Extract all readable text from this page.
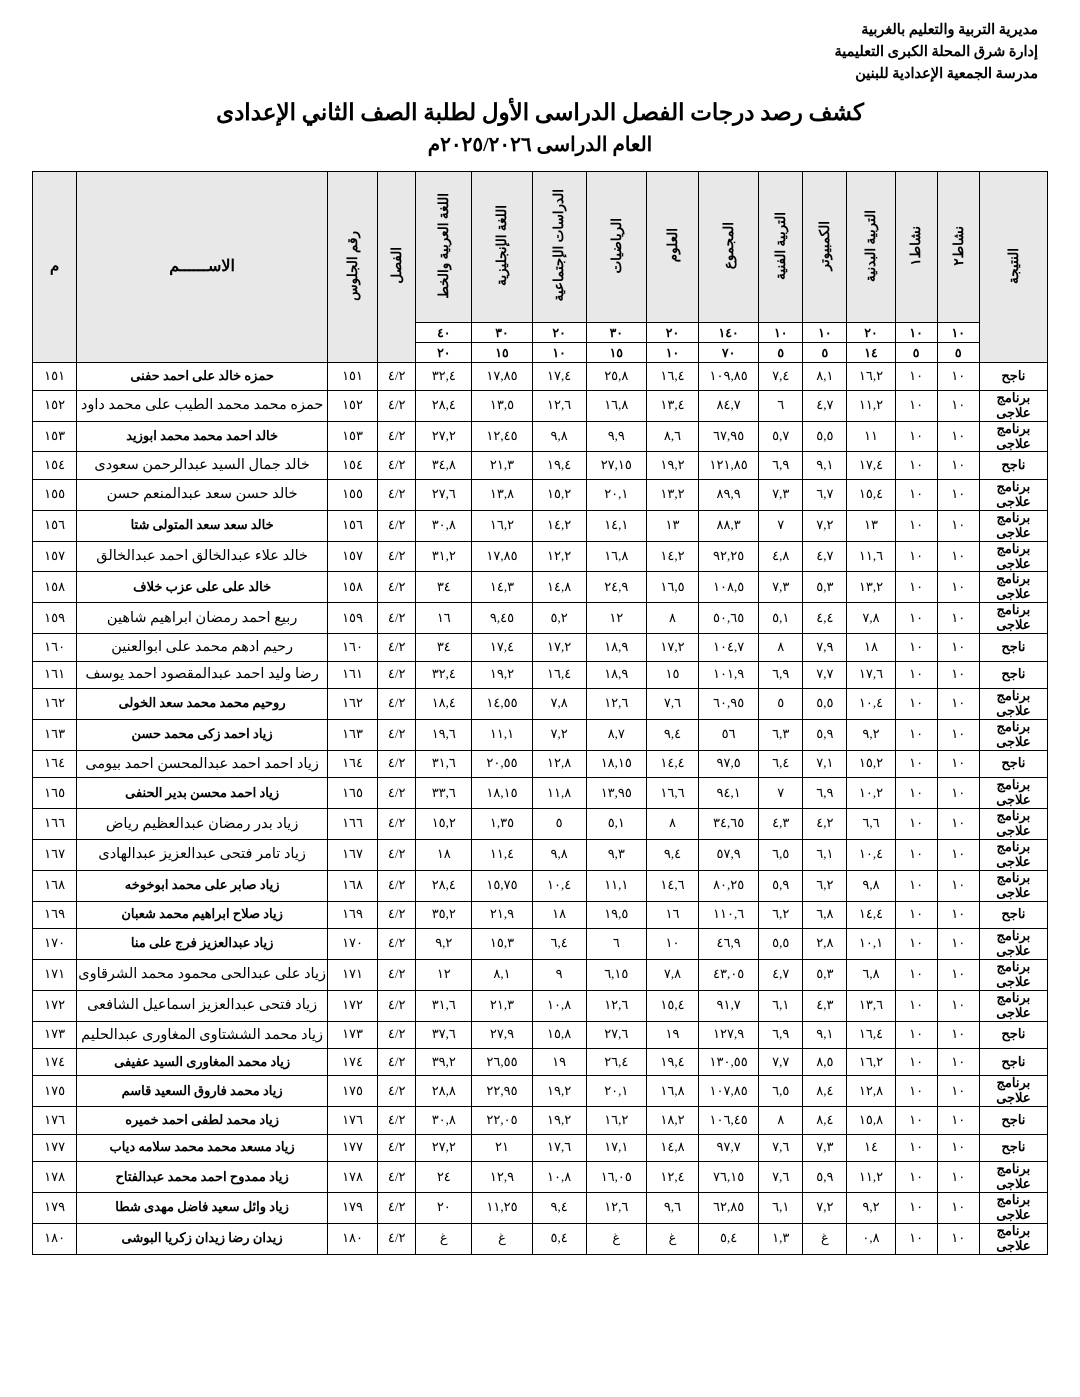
مديرية التربية والتعليم بالغربية
إدارة شرق المحلة الكبرى التعليمية
مدرسة الجمعية الإعدادية للبنين
كشف رصد درجات الفصل الدراسى الأول لطلبة الصف الثاني الإعدادى
العام الدراسى ٢٠٢٥/٢٠٢٦م
النتيجة	نشاط٢	نشاط١	التربية البدنية	الكمبيوتر	التربية الفنية	المجموع	العلوم	الرياضيات	الدراسات الإجتماعية	اللغة الإنجليزية	اللغة العربية والخط	الفصل	رقم الجلوس	الاســــــم	م
	١٠	١٠	٢٠	١٠	١٠	١٤٠	٢٠	٣٠	٢٠	٣٠	٤٠				
	٥	٥	١٤	٥	٥	٧٠	١٠	١٥	١٠	١٥	٢٠				
ناجح	١٠	١٠	١٦,٢	٨,١	٧,٤	١٠٩,٨٥	١٦,٤	٢٥,٨	١٧,٤	١٧,٨٥	٣٢,٤	٤/٢	١٥١	حمزه خالد على احمد حفنى	١٥١
برنامج علاجى	١٠	١٠	١١,٢	٤,٧	٦	٨٤,٧	١٣,٤	١٦,٨	١٢,٦	١٣,٥	٢٨,٤	٤/٢	١٥٢	حمزه محمد محمد الطيب على محمد داود	١٥٢
برنامج علاجى	١٠	١٠	١١	٥,٥	٥,٧	٦٧,٩٥	٨,٦	٩,٩	٩,٨	١٢,٤٥	٢٧,٢	٤/٢	١٥٣	خالد احمد محمد محمد ابوزيد	١٥٣
ناجح	١٠	١٠	١٧,٤	٩,١	٦,٩	١٢١,٨٥	١٩,٢	٢٧,١٥	١٩,٤	٢١,٣	٣٤,٨	٤/٢	١٥٤	خالد جمال السيد عبدالرحمن سعودى	١٥٤
برنامج علاجى	١٠	١٠	١٥,٤	٦,٧	٧,٣	٨٩,٩	١٣,٢	٢٠,١	١٥,٢	١٣,٨	٢٧,٦	٤/٢	١٥٥	خالد حسن سعد عبدالمنعم حسن	١٥٥
برنامج علاجى	١٠	١٠	١٣	٧,٢	٧	٨٨,٣	١٣	١٤,١	١٤,٢	١٦,٢	٣٠,٨	٤/٢	١٥٦	خالد سعد سعد المتولى شتا	١٥٦
برنامج علاجى	١٠	١٠	١١,٦	٤,٧	٤,٨	٩٢,٢٥	١٤,٢	١٦,٨	١٢,٢	١٧,٨٥	٣١,٢	٤/٢	١٥٧	خالد علاء عبدالخالق احمد عبدالخالق	١٥٧
برنامج علاجى	١٠	١٠	١٣,٢	٥,٣	٧,٣	١٠٨,٥	١٦,٥	٢٤,٩	١٤,٨	١٤,٣	٣٤	٤/٢	١٥٨	خالد على على عزب خلاف	١٥٨
برنامج علاجى	١٠	١٠	٧,٨	٤,٤	٥,١	٥٠,٦٥	٨	١٢	٥,٢	٩,٤٥	١٦	٤/٢	١٥٩	ربيع احمد رمضان ابراهيم شاهين	١٥٩
ناجح	١٠	١٠	١٨	٧,٩	٨	١٠٤,٧	١٧,٢	١٨,٩	١٧,٢	١٧,٤	٣٤	٤/٢	١٦٠	رحيم ادهم محمد على ابوالعنين	١٦٠
ناجح	١٠	١٠	١٧,٦	٧,٧	٦,٩	١٠١,٩	١٥	١٨,٩	١٦,٤	١٩,٢	٣٢,٤	٤/٢	١٦١	رضا وليد احمد عبدالمقصود احمد يوسف	١٦١
برنامج علاجى	١٠	١٠	١٠,٤	٥,٥	٥	٦٠,٩٥	٧,٦	١٢,٦	٧,٨	١٤,٥٥	١٨,٤	٤/٢	١٦٢	روحيم محمد محمد سعد الخولى	١٦٢
برنامج علاجى	١٠	١٠	٩,٢	٥,٩	٦,٣	٥٦	٩,٤	٨,٧	٧,٢	١١,١	١٩,٦	٤/٢	١٦٣	زياد احمد زكى محمد حسن	١٦٣
ناجح	١٠	١٠	١٥,٢	٧,١	٦,٤	٩٧,٥	١٤,٤	١٨,١٥	١٢,٨	٢٠,٥٥	٣١,٦	٤/٢	١٦٤	زياد احمد احمد عبدالمحسن احمد بيومى	١٦٤
برنامج علاجى	١٠	١٠	١٠,٢	٦,٩	٧	٩٤,١	١٦,٦	١٣,٩٥	١١,٨	١٨,١٥	٣٣,٦	٤/٢	١٦٥	زياد احمد محسن بدير الحنفى	١٦٥
برنامج علاجى	١٠	١٠	٦,٦	٤,٢	٤,٣	٣٤,٦٥	٨	٥,١	٥	١,٣٥	١٥,٢	٤/٢	١٦٦	زياد بدر رمضان عبدالعظيم رياض	١٦٦
برنامج علاجى	١٠	١٠	١٠,٤	٦,١	٦,٥	٥٧,٩	٩,٤	٩,٣	٩,٨	١١,٤	١٨	٤/٢	١٦٧	زياد تامر فتحى عبدالعزيز عبدالهادى	١٦٧
برنامج علاجى	١٠	١٠	٩,٨	٦,٢	٥,٩	٨٠,٢٥	١٤,٦	١١,١	١٠,٤	١٥,٧٥	٢٨,٤	٤/٢	١٦٨	زياد صابر على محمد ابوخوخه	١٦٨
ناجح	١٠	١٠	١٤,٤	٦,٨	٦,٢	١١٠,٦	١٦	١٩,٥	١٨	٢١,٩	٣٥,٢	٤/٢	١٦٩	زياد صلاح ابراهيم محمد شعبان	١٦٩
برنامج علاجى	١٠	١٠	١٠,١	٢,٨	٥,٥	٤٦,٩	١٠	٦	٦,٤	١٥,٣	٩,٢	٤/٢	١٧٠	زياد عبدالعزيز فرج على منا	١٧٠
برنامج علاجى	١٠	١٠	٦,٨	٥,٣	٤,٧	٤٣,٠٥	٧,٨	٦,١٥	٩	٨,١	١٢	٤/٢	١٧١	زياد على عبدالحى محمود محمد الشرقاوى	١٧١
برنامج علاجى	١٠	١٠	١٣,٦	٤,٣	٦,١	٩١,٧	١٥,٤	١٢,٦	١٠,٨	٢١,٣	٣١,٦	٤/٢	١٧٢	زياد فتحى عبدالعزيز اسماعيل الشافعى	١٧٢
ناجح	١٠	١٠	١٦,٤	٩,١	٦,٩	١٢٧,٩	١٩	٢٧,٦	١٥,٨	٢٧,٩	٣٧,٦	٤/٢	١٧٣	زياد محمد الششتاوى المغاورى عبدالحليم	١٧٣
ناجح	١٠	١٠	١٦,٢	٨,٥	٧,٧	١٣٠,٥٥	١٩,٤	٢٦,٤	١٩	٢٦,٥٥	٣٩,٢	٤/٢	١٧٤	زياد محمد المغاورى السيد عفيفى	١٧٤
برنامج علاجى	١٠	١٠	١٢,٨	٨,٤	٦,٥	١٠٧,٨٥	١٦,٨	٢٠,١	١٩,٢	٢٢,٩٥	٢٨,٨	٤/٢	١٧٥	زياد محمد فاروق السعيد قاسم	١٧٥
ناجح	١٠	١٠	١٥,٨	٨,٤	٨	١٠٦,٤٥	١٨,٢	١٦,٢	١٩,٢	٢٢,٠٥	٣٠,٨	٤/٢	١٧٦	زياد محمد لطفى احمد خميره	١٧٦
ناجح	١٠	١٠	١٤	٧,٣	٧,٦	٩٧,٧	١٤,٨	١٧,١	١٧,٦	٢١	٢٧,٢	٤/٢	١٧٧	زياد مسعد محمد محمد سلامه دياب	١٧٧
برنامج علاجى	١٠	١٠	١١,٢	٥,٩	٧,٦	٧٦,١٥	١٢,٤	١٦,٠٥	١٠,٨	١٢,٩	٢٤	٤/٢	١٧٨	زياد ممدوح احمد محمد عبدالفتاح	١٧٨
برنامج علاجى	١٠	١٠	٩,٢	٧,٢	٦,١	٦٢,٨٥	٩,٦	١٢,٦	٩,٤	١١,٢٥	٢٠	٤/٢	١٧٩	زياد وائل سعيد فاضل مهدى شطا	١٧٩
برنامج علاجى	١٠	١٠	٠,٨	غ	١,٣	٥,٤	غ	غ	٥,٤	غ	غ	٤/٢	١٨٠	زيدان رضا زيدان زكريا البوشى	١٨٠
